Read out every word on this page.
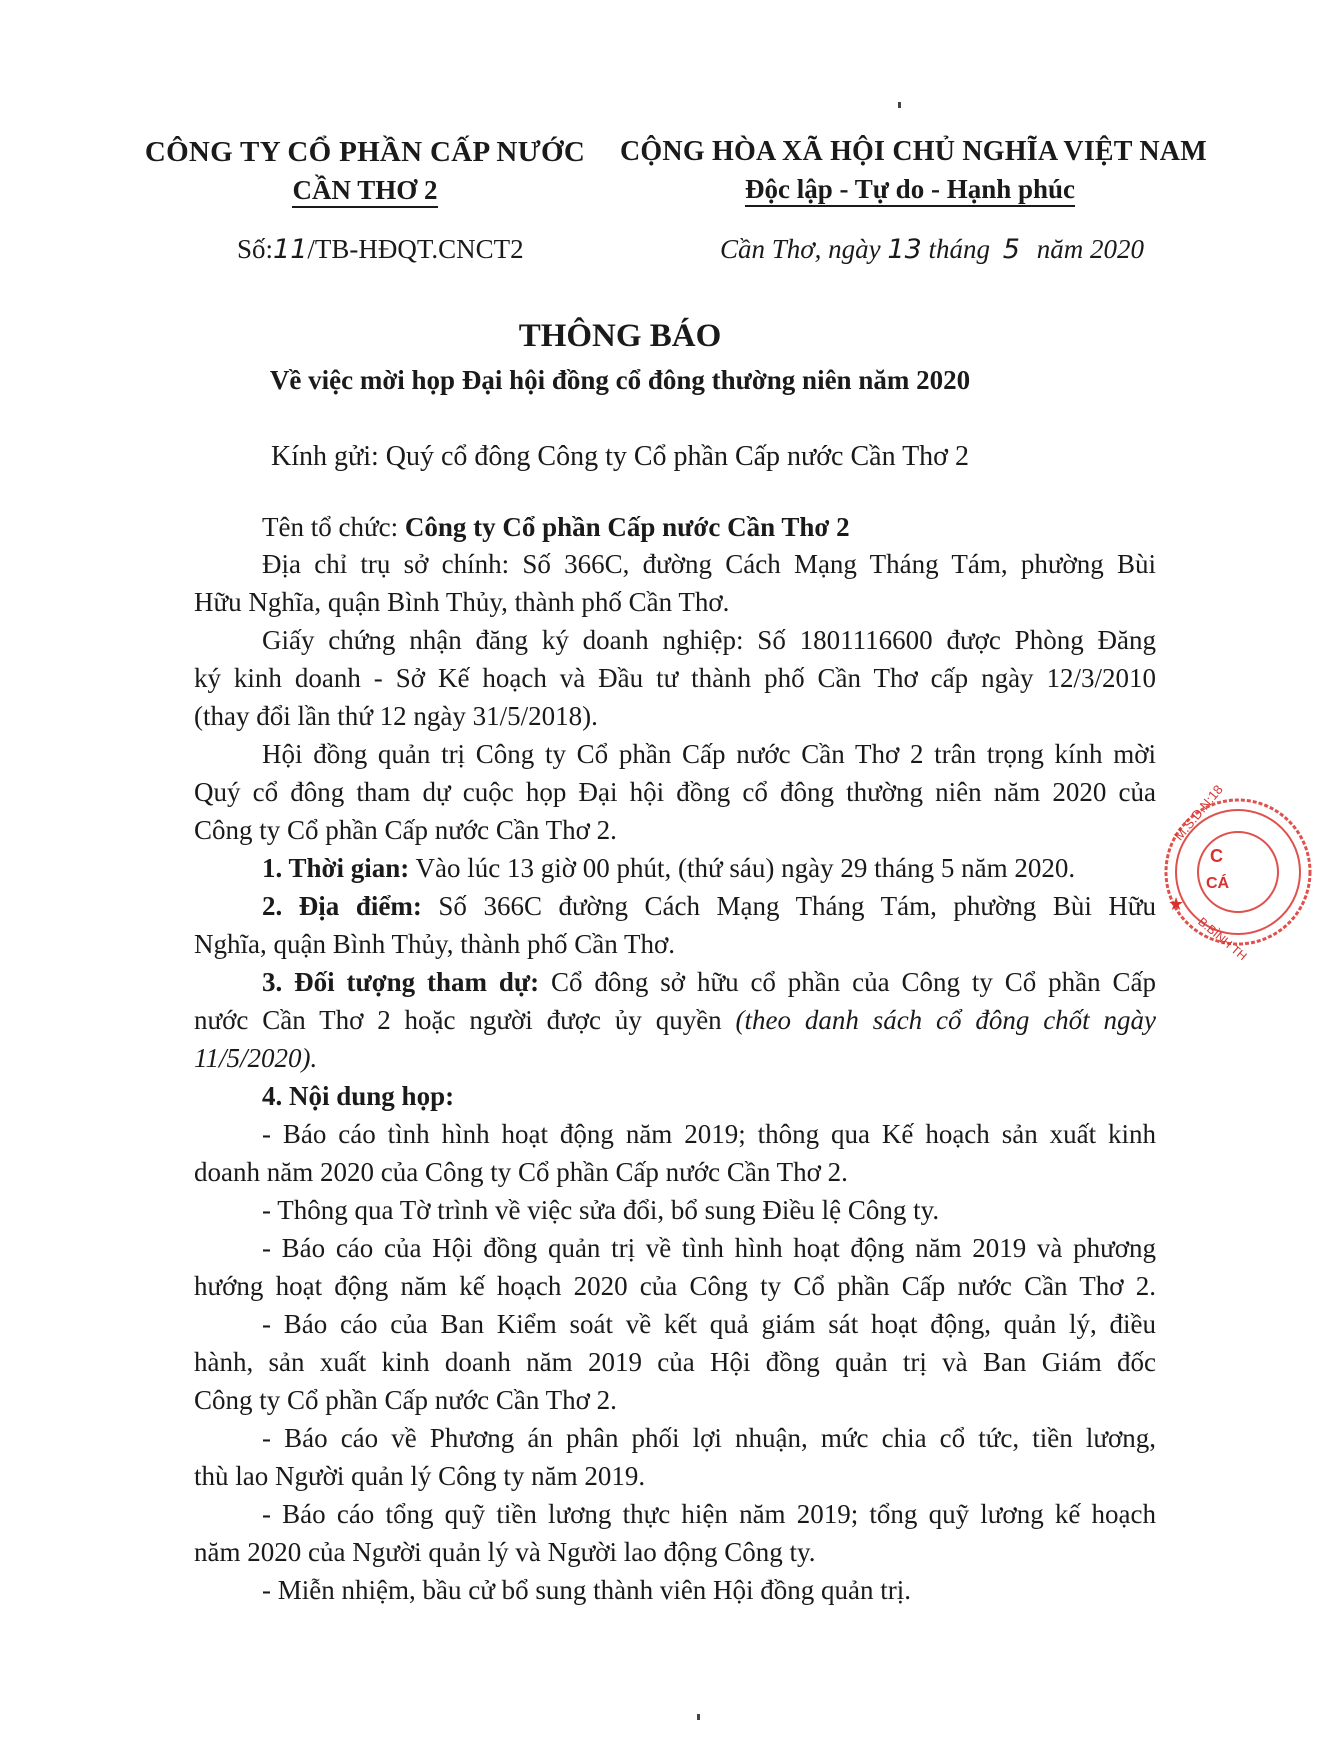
CÔNG TY CỔ PHẦN CẤP NƯỚC
CẦN THƠ 2
CỘNG HÒA XÃ HỘI CHỦ NGHĨA VIỆT NAM
Độc lập - Tự do - Hạnh phúc
Số:11/TB-HĐQT.CNCT2	Cần Thơ, ngày 13 tháng 5 năm 2020
THÔNG BÁO
Về việc mời họp Đại hội đồng cổ đông thường niên năm 2020
Kính gửi: Quý cổ đông Công ty Cổ phần Cấp nước Cần Thơ 2
Tên tổ chức: Công ty Cổ phần Cấp nước Cần Thơ 2
Địa chỉ trụ sở chính: Số 366C, đường Cách Mạng Tháng Tám, phường Bùi
Hữu Nghĩa, quận Bình Thủy, thành phố Cần Thơ.
Giấy chứng nhận đăng ký doanh nghiệp: Số 1801116600 được Phòng Đăng
ký kinh doanh - Sở Kế hoạch và Đầu tư thành phố Cần Thơ cấp ngày 12/3/2010
(thay đổi lần thứ 12 ngày 31/5/2018).
Hội đồng quản trị Công ty Cổ phần Cấp nước Cần Thơ 2 trân trọng kính mời
Quý cổ đông tham dự cuộc họp Đại hội đồng cổ đông thường niên năm 2020 của
Công ty Cổ phần Cấp nước Cần Thơ 2.
1. Thời gian: Vào lúc 13 giờ 00 phút, (thứ sáu) ngày 29 tháng 5 năm 2020.
2. Địa điểm: Số 366C đường Cách Mạng Tháng Tám, phường Bùi Hữu
Nghĩa, quận Bình Thủy, thành phố Cần Thơ.
3. Đối tượng tham dự: Cổ đông sở hữu cổ phần của Công ty Cổ phần Cấp
nước Cần Thơ 2 hoặc người được ủy quyền (theo danh sách cổ đông chốt ngày
11/5/2020).
4. Nội dung họp:
- Báo cáo tình hình hoạt động năm 2019; thông qua Kế hoạch sản xuất kinh
doanh năm 2020 của Công ty Cổ phần Cấp nước Cần Thơ 2.
- Thông qua Tờ trình về việc sửa đổi, bổ sung Điều lệ Công ty.
- Báo cáo của Hội đồng quản trị về tình hình hoạt động năm 2019 và phương
hướng hoạt động năm kế hoạch 2020 của Công ty Cổ phần Cấp nước Cần Thơ 2.
- Báo cáo của Ban Kiểm soát về kết quả giám sát hoạt động, quản lý, điều
hành, sản xuất kinh doanh năm 2019 của Hội đồng quản trị và Ban Giám đốc
Công ty Cổ phần Cấp nước Cần Thơ 2.
- Báo cáo về Phương án phân phối lợi nhuận, mức chia cổ tức, tiền lương,
thù lao Người quản lý Công ty năm 2019.
- Báo cáo tổng quỹ tiền lương thực hiện năm 2019; tổng quỹ lương kế hoạch
năm 2020 của Người quản lý và Người lao động Công ty.
- Miễn nhiệm, bầu cử bổ sung thành viên Hội đồng quản trị.
M.S.D.N:18
C
CÁ
★
B.BÌNH TH
